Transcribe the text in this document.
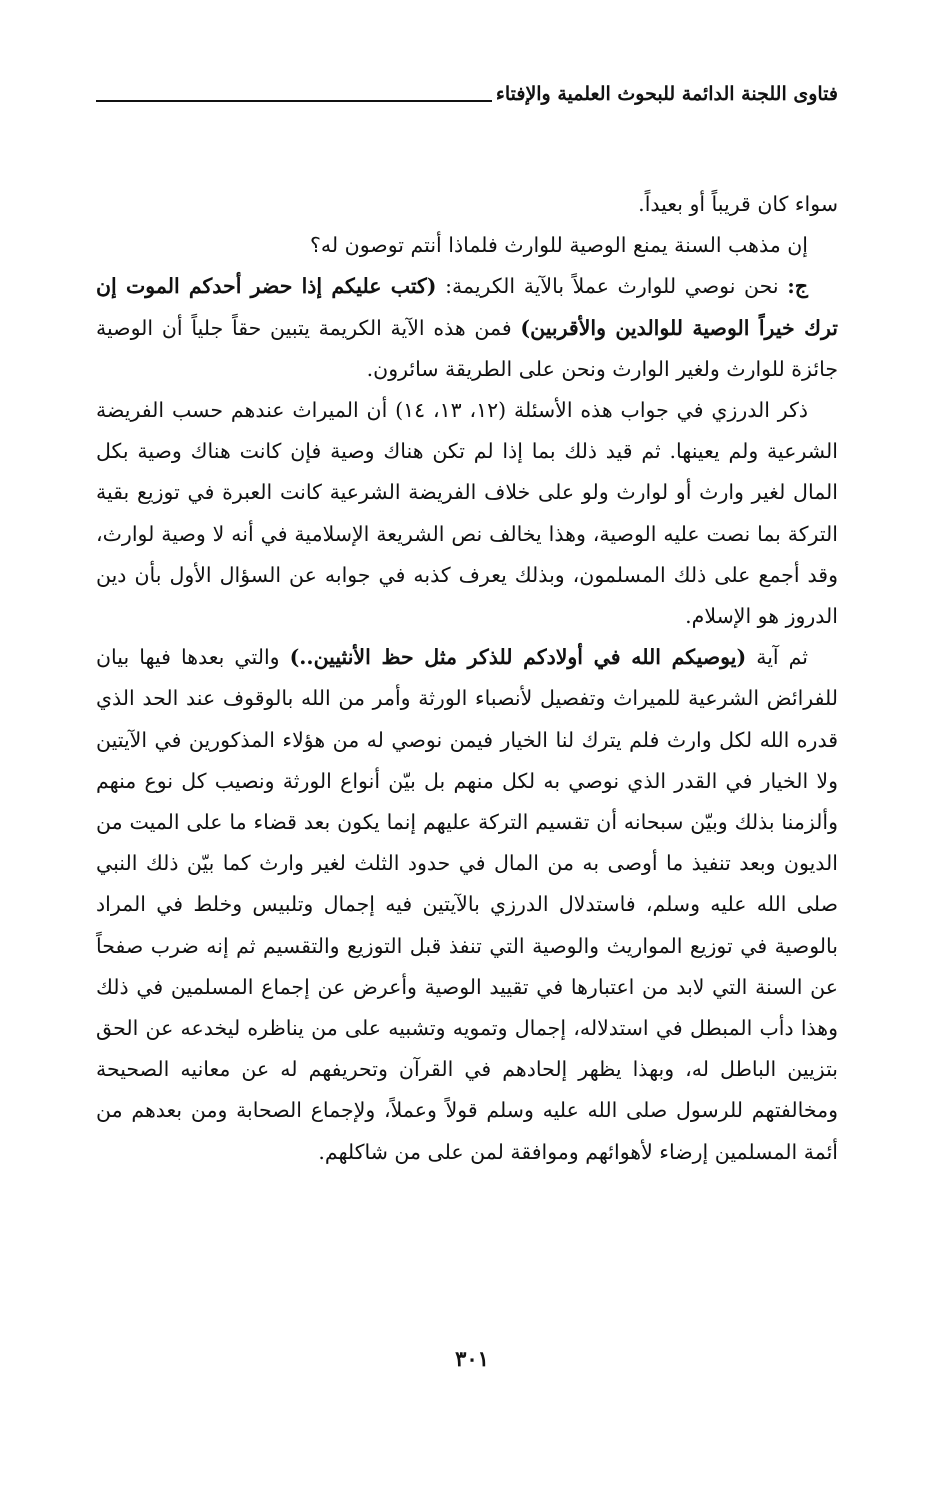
فتاوى اللجنة الدائمة للبحوث العلمية والإفتاء

سواء كان قريباً أو بعيداً.

إن مذهب السنة يمنع الوصية للوارث فلماذا أنتم توصون له؟

ج: نحن نوصي للوارث عملاً بالآية الكريمة: (كتب عليكم إذا حضر أحدكم الموت إن ترك خيراً الوصية للوالدين والأقربين) فمن هذه الآية الكريمة يتبين حقاً جلياً أن الوصية جائزة للوارث ولغير الوارث ونحن على الطريقة سائرون.

ذكر الدرزي في جواب هذه الأسئلة (١٢، ١٣، ١٤) أن الميراث عندهم حسب الفريضة الشرعية ولم يعينها. ثم قيد ذلك بما إذا لم تكن هناك وصية فإن كانت هناك وصية بكل المال لغير وارث أو لوارث ولو على خلاف الفريضة الشرعية كانت العبرة في توزيع بقية التركة بما نصت عليه الوصية، وهذا يخالف نص الشريعة الإسلامية في أنه لا وصية لوارث، وقد أجمع على ذلك المسلمون، وبذلك يعرف كذبه في جوابه عن السؤال الأول بأن دين الدروز هو الإسلام.

ثم آية (يوصيكم الله في أولادكم للذكر مثل حظ الأنثيين..) والتي بعدها فيها بيان للفرائض الشرعية للميراث وتفصيل لأنصباء الورثة وأمر من الله بالوقوف عند الحد الذي قدره الله لكل وارث فلم يترك لنا الخيار فيمن نوصي له من هؤلاء المذكورين في الآيتين ولا الخيار في القدر الذي نوصي به لكل منهم بل بيّن أنواع الورثة ونصيب كل نوع منهم وألزمنا بذلك وبيّن سبحانه أن تقسيم التركة عليهم إنما يكون بعد قضاء ما على الميت من الديون وبعد تنفيذ ما أوصى به من المال في حدود الثلث لغير وارث كما بيّن ذلك النبي صلى الله عليه وسلم، فاستدلال الدرزي بالآيتين فيه إجمال وتلبيس وخلط في المراد بالوصية في توزيع المواريث والوصية التي تنفذ قبل التوزيع والتقسيم ثم إنه ضرب صفحاً عن السنة التي لابد من اعتبارها في تقييد الوصية وأعرض عن إجماع المسلمين في ذلك وهذا دأب المبطل في استدلاله، إجمال وتمويه وتشبيه على من يناظره ليخدعه عن الحق بتزيين الباطل له، وبهذا يظهر إلحادهم في القرآن وتحريفهم له عن معانيه الصحيحة ومخالفتهم للرسول صلى الله عليه وسلم قولاً وعملاً، ولإجماع الصحابة ومن بعدهم من أئمة المسلمين إرضاء لأهوائهم وموافقة لمن على من شاكلهم.

٣٠١
